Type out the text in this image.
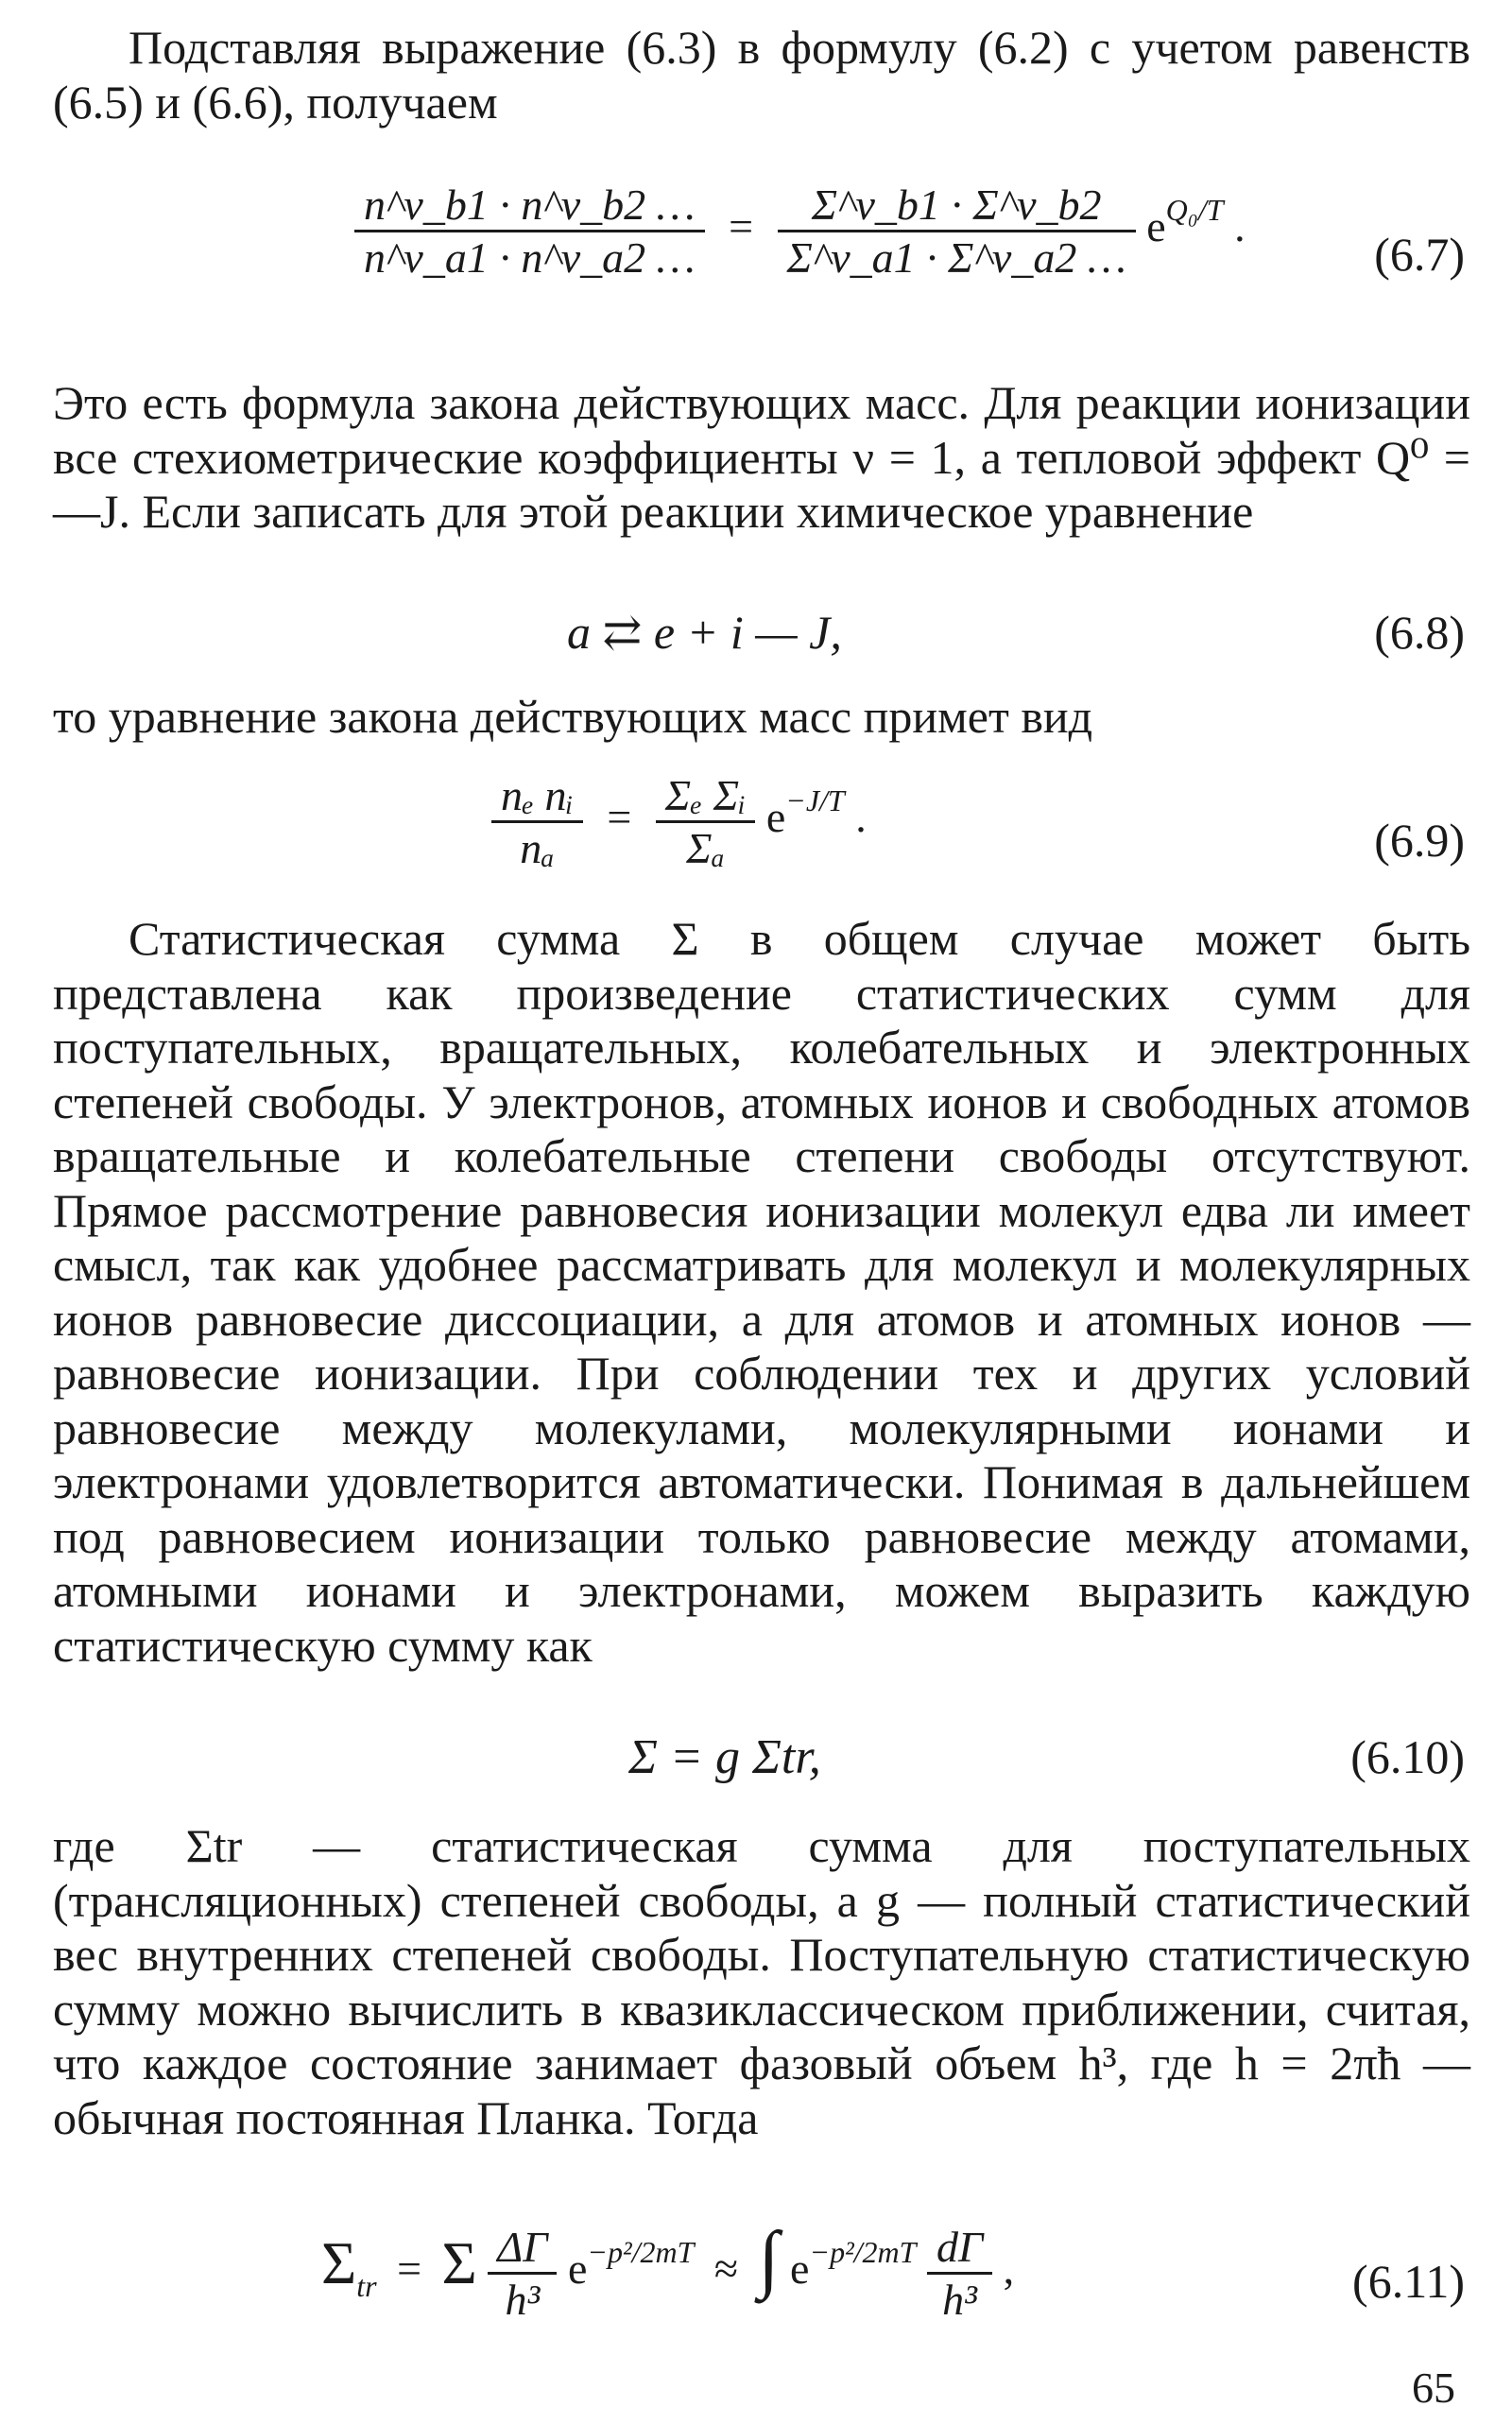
Подставляя выражение (6.3) в формулу (6.2) с учетом равенств (6.5) и (6.6), получаем

$\frac{n\^{}\nu\_b1 \cdot n\^{}\nu\_b2 \dots}{n\^{}\nu\_a1 \cdot n\^{}\nu\_a2 \dots} = \frac{\Sigma\^{}\nu\_b1 \cdot \Sigma\^{}\nu\_b2}{\Sigma\^{}\nu\_a1 \cdot \Sigma\^{}\nu\_a2 \dots} e^{Q_0/T}$ .
(6.7)

Это есть формула закона действующих масс. Для реакции ионизации все стехиометрические коэффициенты ν = 1, а тепловой эффект Q⁰ = —J. Если записать для этой реакции химическое уравнение

a ⇄ e + i — J,	(6.8)

то уравнение закона действующих масс примет вид

$\frac{\text{nₑ nᵢ}}{\text{nₐ}} = \frac{\text{Σₑ Σᵢ}}{\text{Σₐ}} e^{-J/T}$ .	(6.9)

Статистическая сумма Σ в общем случае может быть представлена как произведение статистических сумм для поступательных, вращательных, колебательных и электронных степеней свободы. У электронов, атомных ионов и свободных атомов вращательные и колебательные степени свободы отсутствуют. Прямое рассмотрение равновесия ионизации молекул едва ли имеет смысл, так как удобнее рассматривать для молекул и молекулярных ионов равновесие диссоциации, а для атомов и атомных ионов — равновесие ионизации. При соблюдении тех и других условий равновесие между молекулами, молекулярными ионами и электронами удовлетворится автоматически. Понимая в дальнейшем под равновесием ионизации только равновесие между атомами, атомными ионами и электронами, можем выразить каждую статистическую сумму как

Σ = g Σtr,	(6.10)

где Σtr — статистическая сумма для поступательных (трансляционных) степеней свободы, а g — полный статистический вес внутренних степеней свободы. Поступательную статистическую сумму можно вычислить в квазиклассическом приближении, считая, что каждое состояние занимает фазовый объем h³, где h = 2πħ — обычная постоянная Планка. Тогда

$\Sigma_{tr} = \Sigma \frac{\Delta\Gamma}{\text{h³}} e^{-p^2/2mT}$ ≈ ∫ $e^{-p^2/2mT} \frac{d\Gamma}{\text{h³}}$ ,	(6.11)
65
